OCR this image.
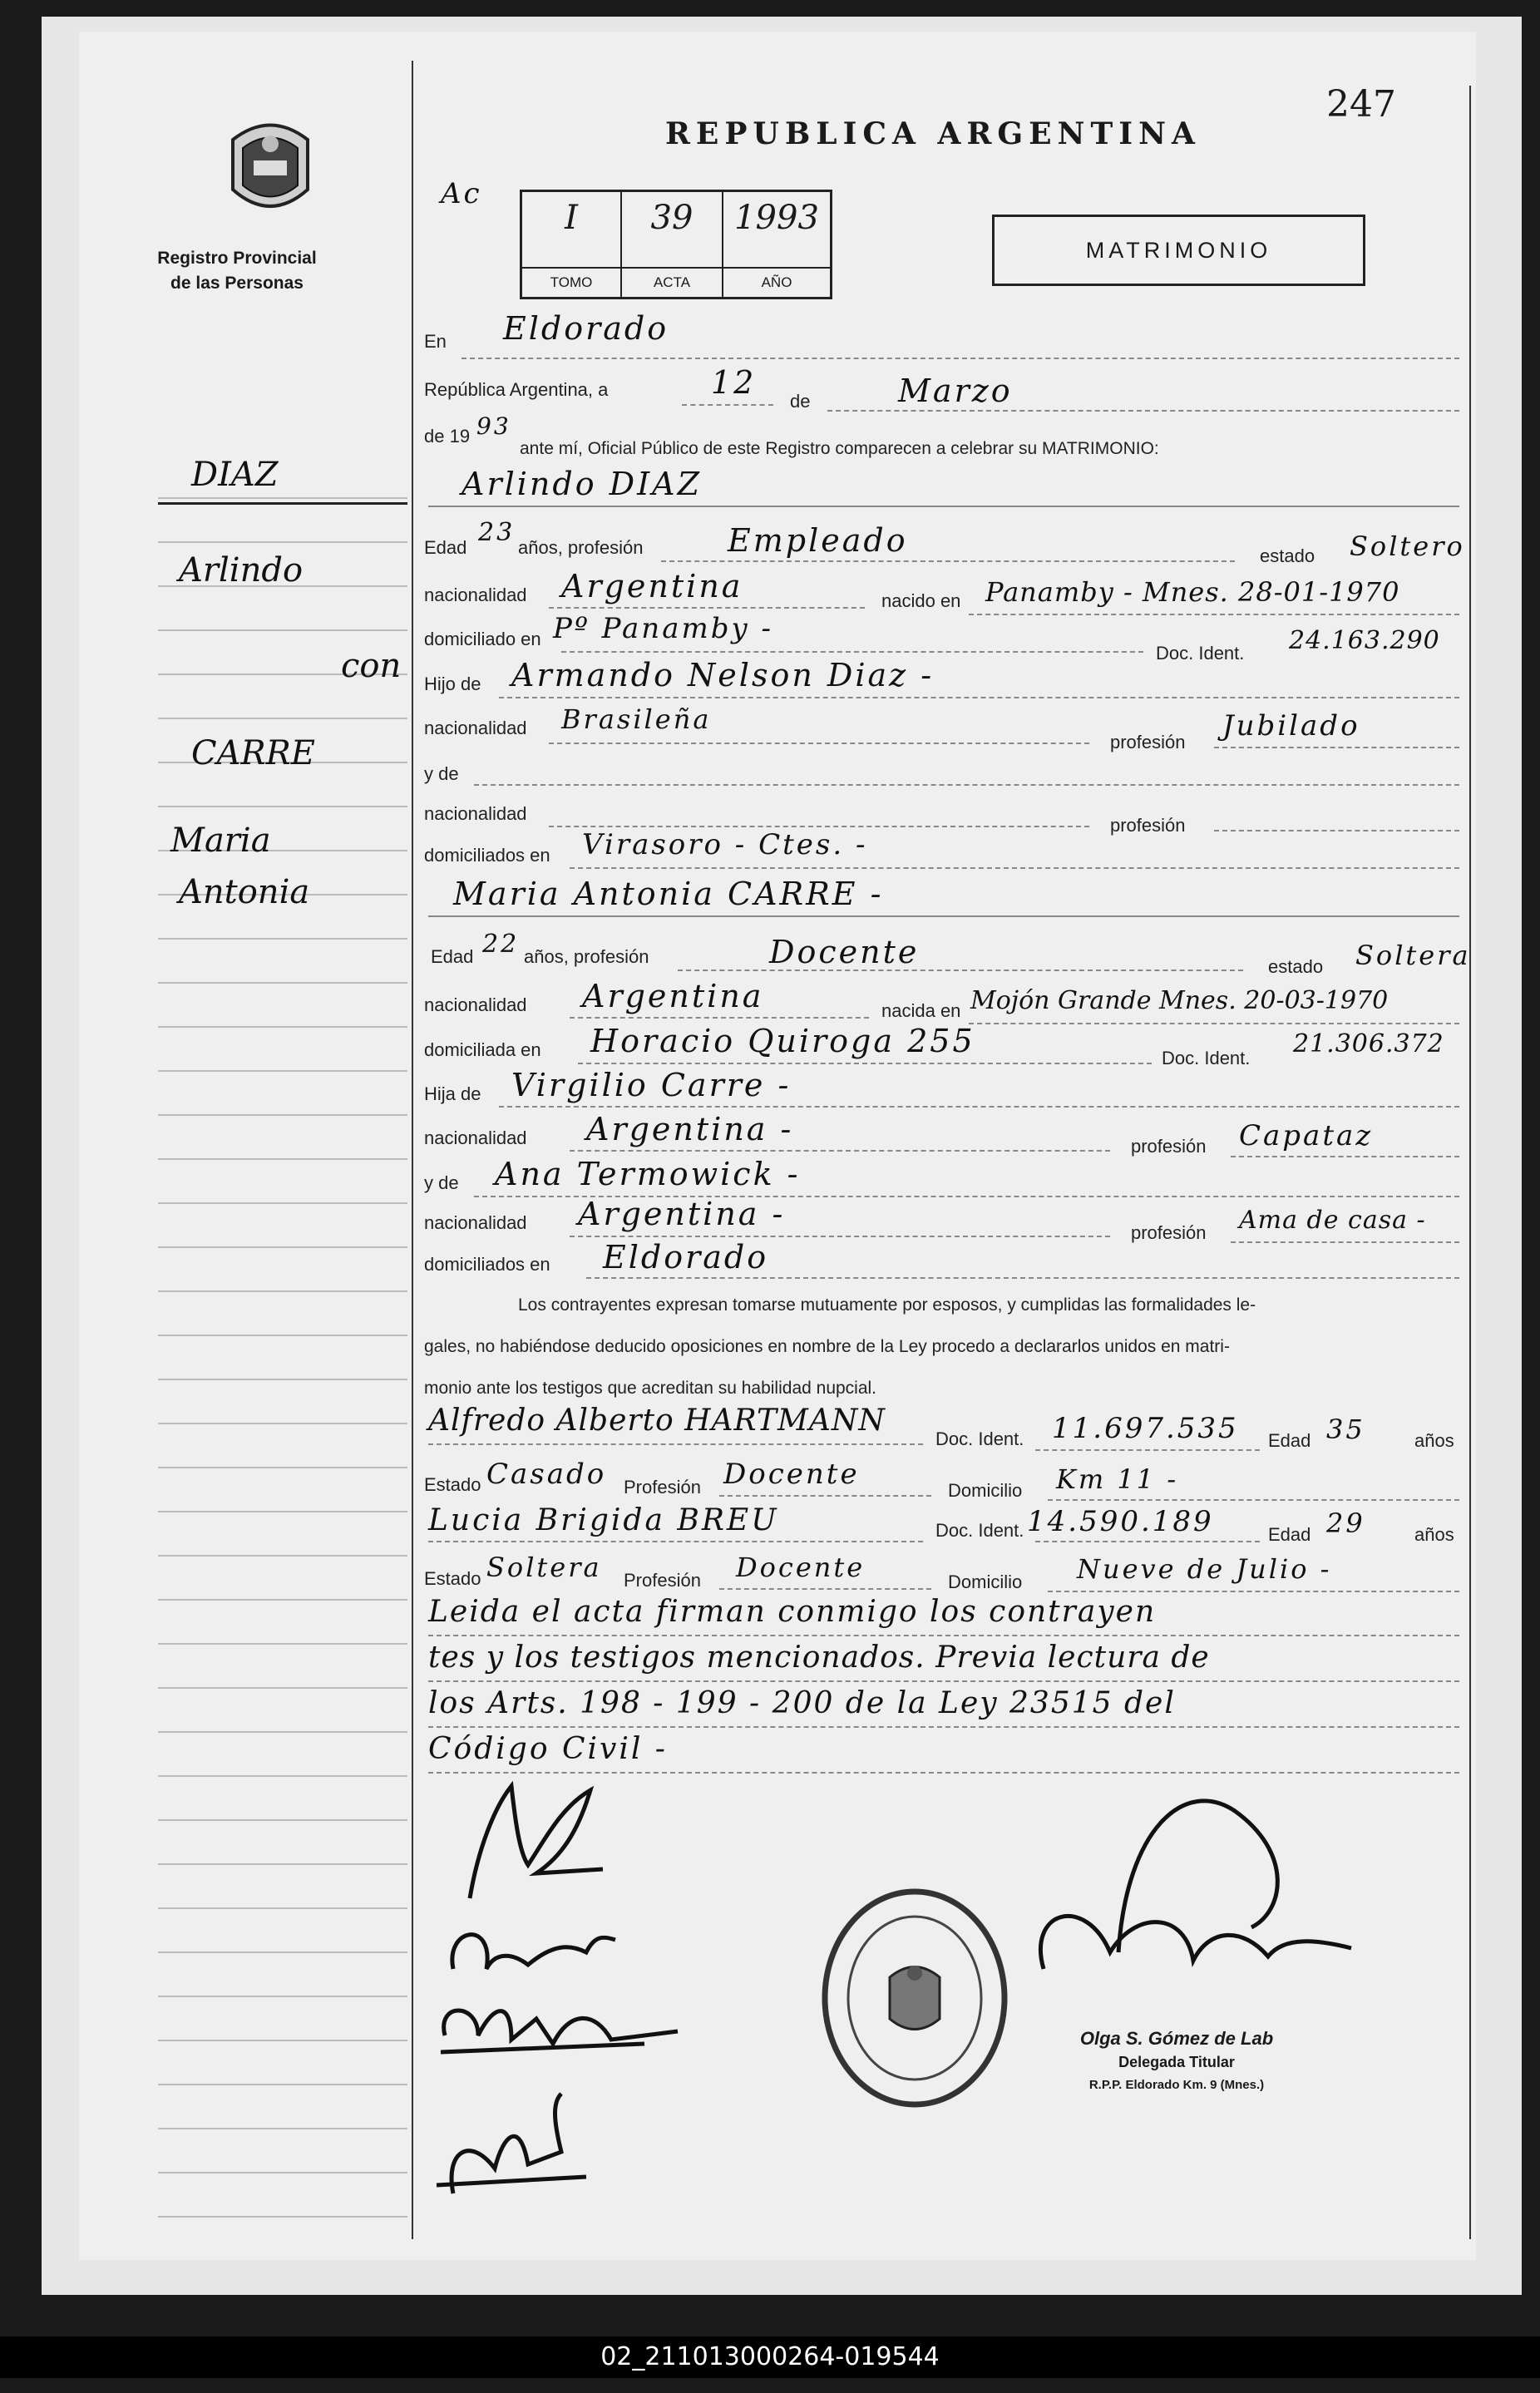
Registro Provincial
de las Personas
REPUBLICA ARGENTINA
247
Ac
I
TOMO
39
ACTA
1993
AÑO
MATRIMONIO
DIAZ
Arlindo
con
CARRE
Maria
Antonia
En Eldorado
República Argentina, a	12
de	Marzo
de 19 93
ante mí, Oficial Público de este Registro comparecen a celebrar su MATRIMONIO:
Arlindo DIAZ
Edad
23
años, profesión	Empleado	estado Soltero
nacionalidad Argentina	nacido en Panamby - Mnes. 28-01-1970
domiciliado en Pº Panamby -
Doc. Ident. 24.163.290
Hijo de Armando Nelson Diaz -
nacionalidad Brasileña
profesión Jubilado
y de
nacionalidad
profesión
domiciliados en Virasoro - Ctes. -
Maria Antonia CARRE -
Edad 22 años, profesión	Docente	estado Soltera
nacionalidad Argentina	nacida en Mojón Grande Mnes. 20-03-1970
domiciliada en Horacio Quiroga 255	Doc. Ident. 21.306.372
Hija de Virgilio Carre -
nacionalidad Argentina -	profesión Capataz
y de Ana Termowick -
nacionalidad Argentina -
profesión Ama de casa -
domiciliados en Eldorado
Los contrayentes expresan tomarse mutuamente por esposos, y cumplidas las formalidades le-
gales, no habiéndose deducido oposiciones en nombre de la Ley procedo a declararlos unidos en matri-
monio ante los testigos que acreditan su habilidad nupcial.
Alfredo Alberto HARTMANN
Doc. Ident. 11.697.535 Edad 35	años
Estado Casado Profesión Docente	Domicilio Km 11 -
Lucia Brigida BREU	Doc. Ident. 14.590.189	Edad 29	años
Estado Soltera Profesión Docente	Domicilio Nueve de Julio -
Leida el acta firman conmigo los contrayen
tes y los testigos mencionados. Previa lectura de
los Arts. 198 - 199 - 200 de la Ley 23515 del
Código Civil -
Olga S. Gómez de Lab
Delegada Titular
R.P.P. Eldorado Km. 9 (Mnes.)
02_211013000264-019544
